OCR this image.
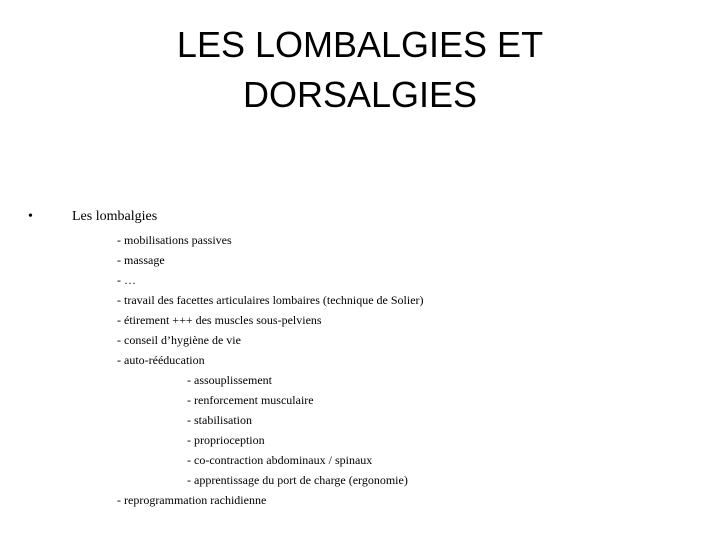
LES LOMBALGIES ET
DORSALGIES
•	Les lombalgies
- mobilisations passives
- massage
- …
- travail des facettes articulaires lombaires (technique de Solier)
- étirement +++ des muscles sous-pelviens
- conseil d’hygiène de vie
- auto-rééducation
- assouplissement
- renforcement musculaire
- stabilisation
- proprioception
- co-contraction abdominaux / spinaux
- apprentissage du port de charge (ergonomie)
- reprogrammation rachidienne
